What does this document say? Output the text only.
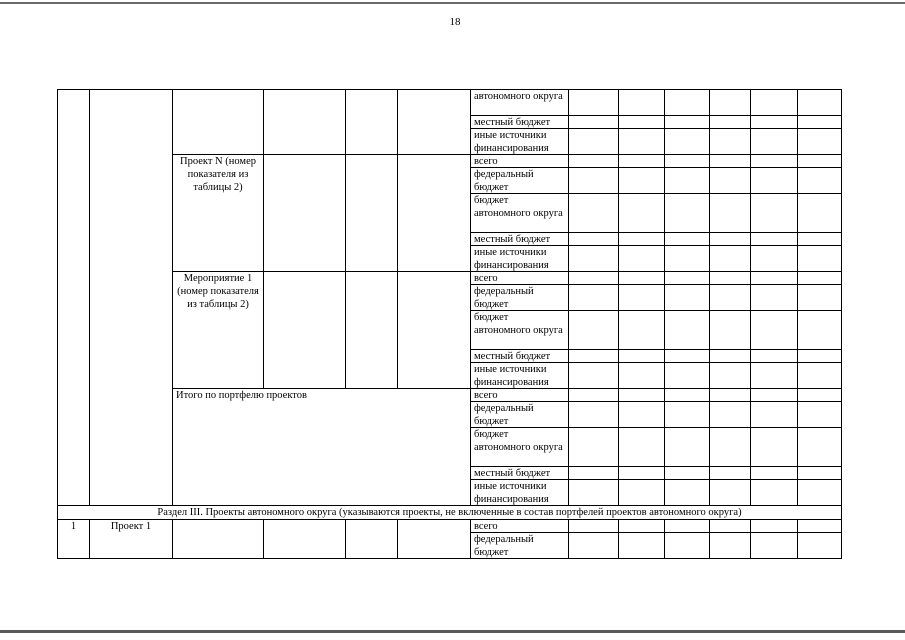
18
Проект N (номер показателя из таблицы 2)
Мероприятие 1 (номер показателя из таблицы 2)
Итого по портфелю проектов
автономного округа
местный бюджет
иные источники финансирования
всего
федеральный бюджет
бюджет автономного округа
местный бюджет
иные источники финансирования
всего
федеральный бюджет
бюджет автономного округа
местный бюджет
иные источники финансирования
всего
федеральный бюджет
бюджет автономного округа
местный бюджет
иные источники финансирования
Раздел III. Проекты автономного округа (указываются проекты, не включенные в состав портфелей проектов автономного округа)
1	Проект 1	всего
федеральный бюджет
